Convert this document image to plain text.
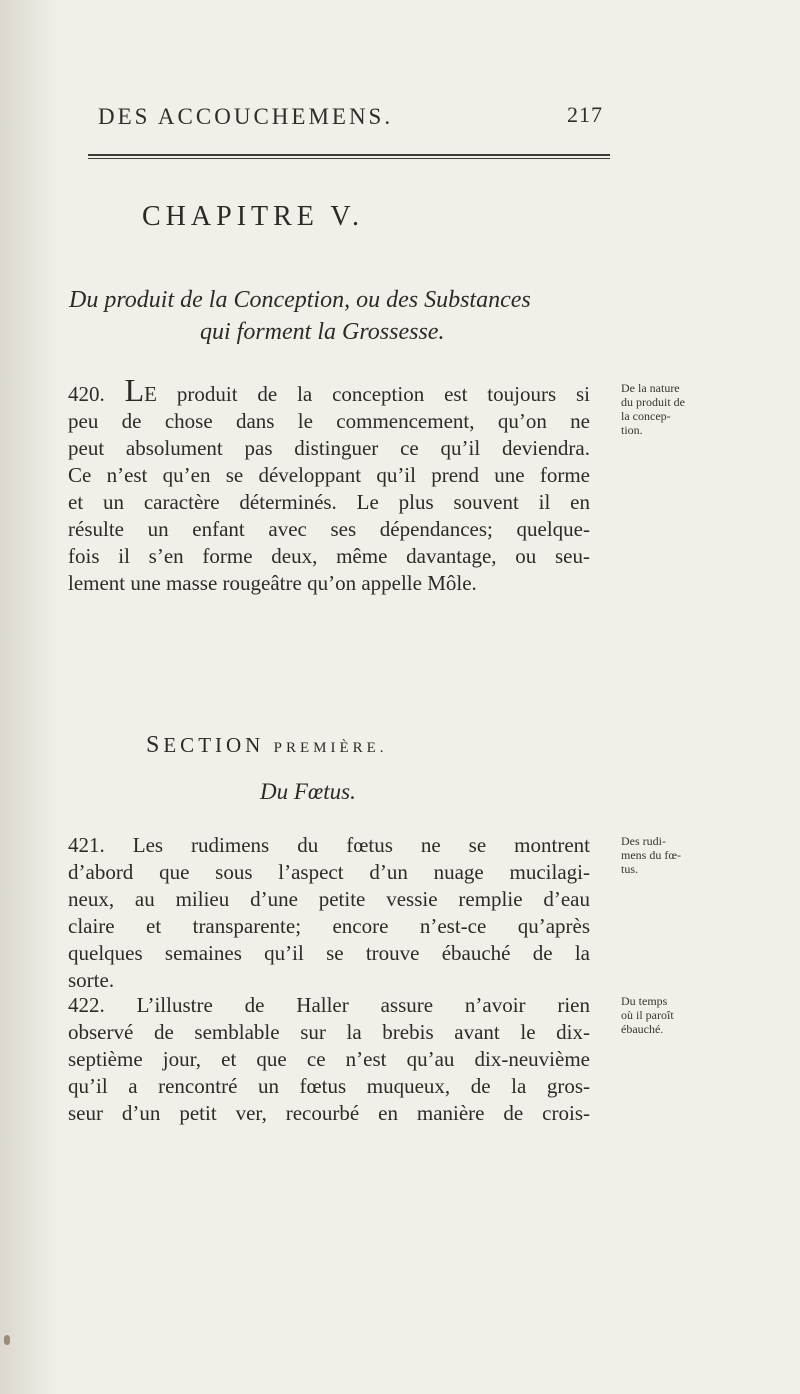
DES ACCOUCHEMENS.	217
CHAPITRE V.
Du produit de la Conception, ou des Substances
qui forment la Grossesse.
420. LE produit de la conception est toujours si
peu de chose dans le commencement, qu’on ne
peut absolument pas distinguer ce qu’il deviendra.
Ce n’est qu’en se développant qu’il prend une forme
et un caractère déterminés. Le plus souvent il en
résulte un enfant avec ses dépendances; quelque-
fois il s’en forme deux, même davantage, ou seu-
lement une masse rougeâtre qu’on appelle Môle.
De la nature
du produit de
la concep-
tion.
SECTION PREMIÈRE.
Du Fœtus.
421. Les rudimens du fœtus ne se montrent
d’abord que sous l’aspect d’un nuage mucilagi-
neux, au milieu d’une petite vessie remplie d’eau
claire et transparente; encore n’est-ce qu’après
quelques semaines qu’il se trouve ébauché de la
sorte.
Des rudi-
mens du fœ-
tus.
422. L’illustre de Haller assure n’avoir rien
observé de semblable sur la brebis avant le dix-
septième jour, et que ce n’est qu’au dix-neuvième
qu’il a rencontré un fœtus muqueux, de la gros-
seur d’un petit ver, recourbé en manière de crois-
Du temps
où il paroît
ébauché.
